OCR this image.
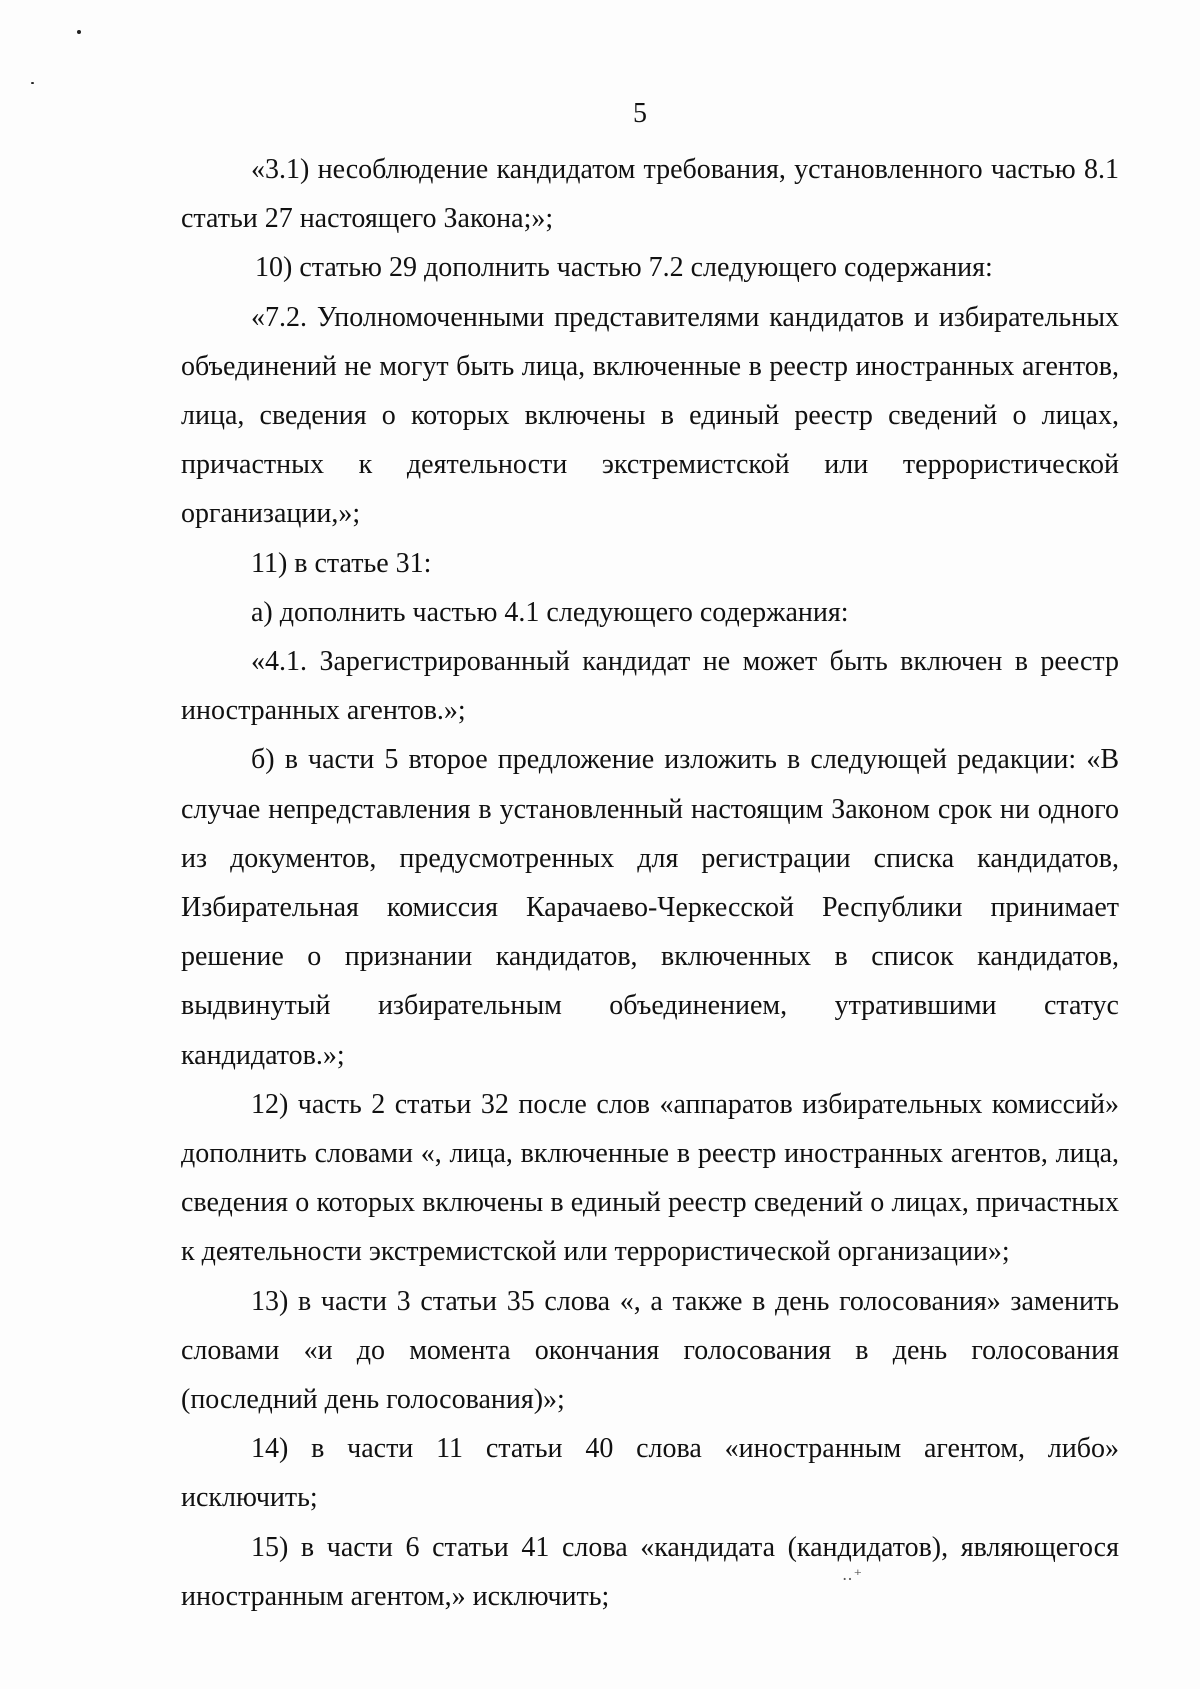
5

«3.1) несоблюдение кандидатом требования, установленного частью 8.1 статьи 27 настоящего Закона;»;

10) статью 29 дополнить частью 7.2 следующего содержания:

«7.2. Уполномоченными представителями кандидатов и избирательных объединений не могут быть лица, включенные в реестр иностранных агентов, лица, сведения о которых включены в единый реестр сведений о лицах, причастных к деятельности экстремистской или террористической организации,»;

11) в статье 31:

а) дополнить частью 4.1 следующего содержания:

«4.1. Зарегистрированный кандидат не может быть включен в реестр иностранных агентов.»;

б) в части 5 второе предложение изложить в следующей редакции: «В случае непредставления в установленный настоящим Законом срок ни одного из документов, предусмотренных для регистрации списка кандидатов, Избирательная комиссия Карачаево-Черкесской Республики принимает решение о признании кандидатов, включенных в список кандидатов, выдвинутый избирательным объединением, утратившими статус кандидатов.»;

12) часть 2 статьи 32 после слов «аппаратов избирательных комиссий» дополнить словами «, лица, включенные в реестр иностранных агентов, лица, сведения о которых включены в единый реестр сведений о лицах, причастных к деятельности экстремистской или террористической организации»;

13) в части 3 статьи 35 слова «, а также в день голосования» заменить словами «и до момента окончания голосования в день голосования (последний день голосования)»;

14) в части 11 статьи 40 слова «иностранным агентом, либо» исключить;

15) в части 6 статьи 41 слова «кандидата (кандидатов), являющегося иностранным агентом,» исключить;

‥⁺
